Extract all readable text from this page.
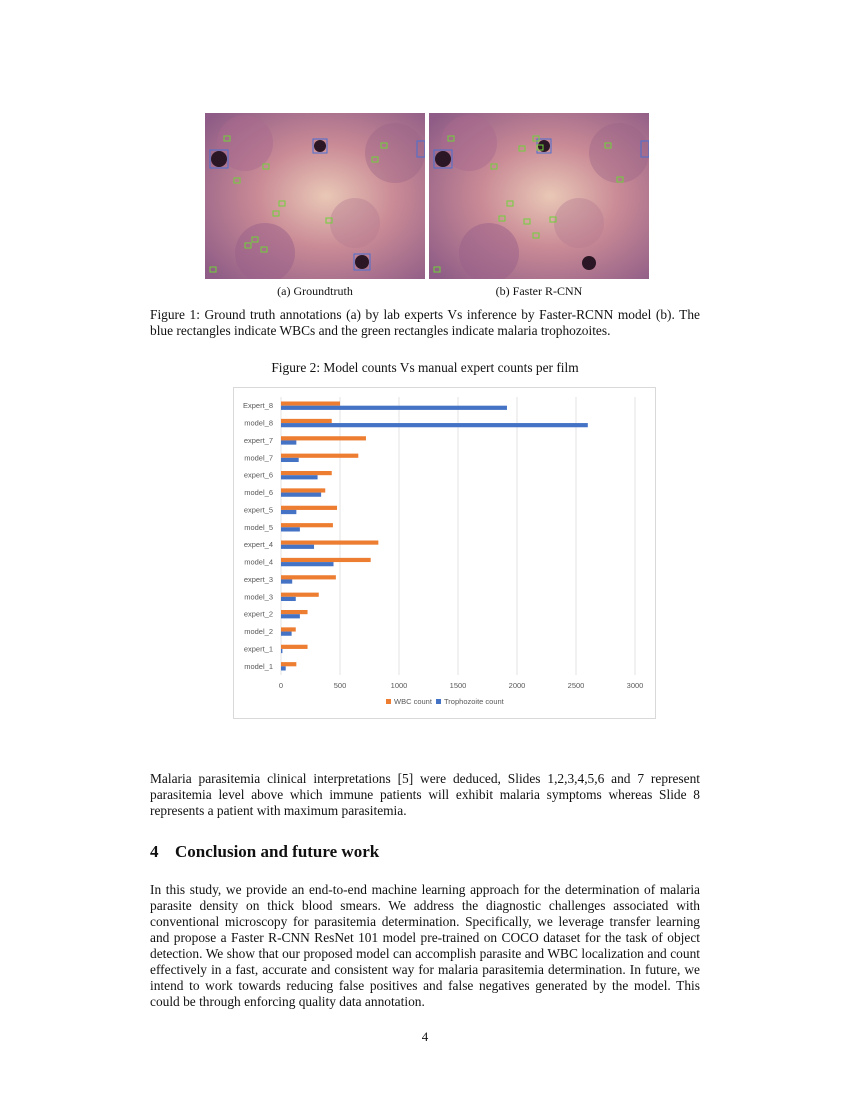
(a) Groundtruth	(b) Faster R-CNN
Figure 1: Ground truth annotations (a) by lab experts Vs inference by Faster-RCNN model (b). The blue rectangles indicate WBCs and the green rectangles indicate malaria trophozoites.
Figure 2: Model counts Vs manual expert counts per film
0	500	1000	1500	2000	2500	3000
model_1
expert_1
model_2
expert_2
model_3
expert_3
model_4
expert_4
model_5
expert_5
model_6
expert_6
model_7
expert_7
model_8
Expert_8
WBC count Trophozoite count
Malaria parasitemia clinical interpretations [5] were deduced, Slides 1,2,3,4,5,6 and 7 represent parasitemia level above which immune patients will exhibit malaria symptoms whereas Slide 8 represents a patient with maximum parasitemia.
4 Conclusion and future work
In this study, we provide an end-to-end machine learning approach for the determination of malaria parasite density on thick blood smears. We address the diagnostic challenges associated with conventional microscopy for parasitemia determination. Specifically, we leverage transfer learning and propose a Faster R-CNN ResNet 101 model pre-trained on COCO dataset for the task of object detection. We show that our proposed model can accomplish parasite and WBC localization and count effectively in a fast, accurate and consistent way for malaria parasitemia determination. In future, we intend to work towards reducing false positives and false negatives generated by the model. This could be through enforcing quality data annotation.
4
